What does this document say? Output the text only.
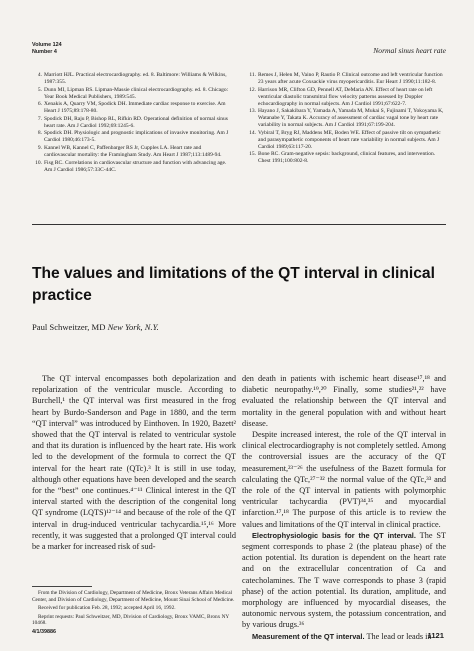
Volume 124
Number 4	Normal sinus heart rate
4. Marriott HJL. Practical electrocardiography. ed. 8. Baltimore: Williams & Wilkins, 1987:355.
5. Dunn MI, Lipman BS. Lipman-Massie clinical electrocardiography. ed. 8. Chicago: Year Book Medical Publishers, 1989:545.
6. Xenakis A, Quarry VM, Spodick DH. Immediate cardiac response to exercise. Am Heart J 1975;89:178-80.
7. Spodick DH, Raju P, Bishop RL, Rifkin RD. Operational definition of normal sinus heart rate. Am J Cardiol 1992;69:1245-6.
8. Spodick DH. Physiologic and prognostic implications of invasive monitoring. Am J Cardiol 1980;46:173-5.
9. Kannel WB, Kannel C, Paffenbarger RS Jr, Cupples LA. Heart rate and cardiovascular mortality: the Framingham Study. Am Heart J 1987;113:1489-94.
10. Fisg RC. Correlations in cardiovascular structure and function with advancing age. Am J Cardiol 1986;57:33C-44C.
11. Remes J, Helen M, Vaino P, Rautio P. Clinical outcome and left ventricular function 23 years after acute Coxsackie virus myopericarditis. Eur Heart J 1990;11:182-8.
12. Harrison MR, Clifton GD, Pennell AT, DeMaria AN. Effect of heart rate on left ventricular diastolic transmitral flow velocity patterns assessed by Doppler echocardiography in normal subjects. Am J Cardiol 1991;67:622-7.
13. Hayano J, Sakakibara Y, Yamada A, Yamada M, Mukai S, Fujinami T, Yokoyama K, Watanabe Y, Takata K. Accuracy of assessment of cardiac vagal tone by heart rate variability in normal subjects. Am J Cardiol 1991;67:199-204.
14. Vybiral T, Bryg RJ, Maddens ME, Boden WE. Effect of passive tilt on sympathetic and parasympathetic components of heart rate variability in normal subjects. Am J Cardiol 1989;63:117-20.
15. Bone RC. Gram-negative sepsis: background, clinical features, and intervention. Chest 1991;100:802-8.
The values and limitations of the QT interval in clinical practice
Paul Schweitzer, MD New York, N.Y.

The QT interval encompasses both depolarization and repolarization of the ventricular muscle. According to Burchell,¹ the QT interval was first measured in the frog heart by Burdo-Sanderson and Page in 1880, and the term “QT interval” was introduced by Einthoven. In 1920, Bazett² showed that the QT interval is related to ventricular systole and that its duration is influenced by the heart rate. His work led to the development of the formula to correct the QT interval for the heart rate (QTc).³ It is still in use today, although other equations have been developed and the search for the “best” one continues.⁴⁻¹¹ Clinical interest in the QT interval started with the description of the congenital long QT syndrome (LQTS)¹²⁻¹⁴ and because of the role of the QT interval in drug-induced ventricular tachycardia.¹⁵,¹⁶ More recently, it was suggested that a prolonged QT interval could be a marker for increased risk of sud-

den death in patients with ischemic heart disease¹⁷,¹⁸ and diabetic neuropathy.¹⁹,²⁰ Finally, some studies²¹,²² have evaluated the relationship between the QT interval and mortality in the general population with and without heart disease.

Despite increased interest, the role of the QT interval in clinical electrocardiography is not completely settled. Among the controversial issues are the accuracy of the QT measurement,²³⁻²⁶ the usefulness of the Bazett formula for calculating the QTc,²⁷⁻³² the normal value of the QTc,³³ and the role of the QT interval in patients with polymorphic ventricular tachycardia (PVT)³⁴,³⁵ and myocardial infarction.¹⁷,¹⁸ The purpose of this article is to review the values and limitations of the QT interval in clinical practice.

Electrophysiologic basis for the QT interval. The ST segment corresponds to phase 2 (the plateau phase) of the action potential. Its duration is dependent on the heart rate and on the extracellular concentration of Ca and catecholamines. The T wave corresponds to phase 3 (rapid phase) of the action potential. Its duration, amplitude, and morphology are influenced by myocardial diseases, the autonomic nervous system, the potassium concentration, and by various drugs.³⁶

Measurement of the QT interval. The lead or leads in

From the Division of Cardiology, Department of Medicine, Bronx Veterans Affairs Medical Center, and Division of Cardiology, Department of Medicine, Mount Sinai School of Medicine.

Received for publication Feb. 28, 1992; accepted April 16, 1992.

Reprint requests: Paul Schweitzer, MD, Division of Cardiology, Bronx VAMC, Bronx NY 10468.

4/1/39886	1121
